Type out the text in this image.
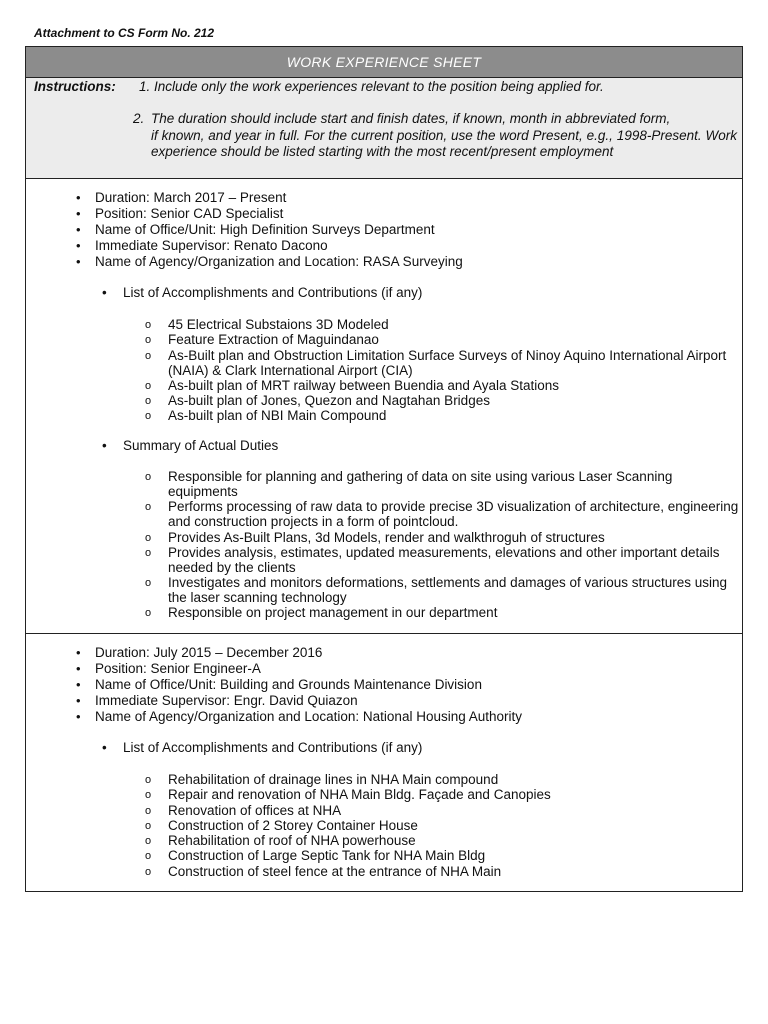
Attachment to CS Form No. 212
WORK EXPERIENCE SHEET
Instructions: 1. Include only the work experiences relevant to the position being applied for.
2. The duration should include start and finish dates, if known, month in abbreviated form,
if known, and year in full. For the current position, use the word Present, e.g., 1998-Present. Work experience should be listed starting with the most recent/present employment
• Duration: March 2017 – Present
• Position: Senior CAD Specialist
• Name of Office/Unit: High Definition Surveys Department
• Immediate Supervisor: Renato Dacono
• Name of Agency/Organization and Location: RASA Surveying
• List of Accomplishments and Contributions (if any)
o 45 Electrical Substaions 3D Modeled
o Feature Extraction of Maguindanao
o As-Built plan and Obstruction Limitation Surface Surveys of Ninoy Aquino International Airport (NAIA) & Clark International Airport (CIA)
o As-built plan of MRT railway between Buendia and Ayala Stations
o As-built plan of Jones, Quezon and Nagtahan Bridges
o As-built plan of NBI Main Compound
• Summary of Actual Duties
o Responsible for planning and gathering of data on site using various Laser Scanning equipments
o Performs processing of raw data to provide precise 3D visualization of architecture, engineering and construction projects in a form of pointcloud.
o Provides As-Built Plans, 3d Models, render and walkthroguh of structures
o Provides analysis, estimates, updated measurements, elevations and other important details needed by the clients
o Investigates and monitors deformations, settlements and damages of various structures using the laser scanning technology
o Responsible on project management in our department
• Duration: July 2015 – December 2016
• Position: Senior Engineer-A
• Name of Office/Unit: Building and Grounds Maintenance Division
• Immediate Supervisor: Engr. David Quiazon
• Name of Agency/Organization and Location: National Housing Authority
• List of Accomplishments and Contributions (if any)
o Rehabilitation of drainage lines in NHA Main compound
o Repair and renovation of NHA Main Bldg. Façade and Canopies
o Renovation of offices at NHA
o Construction of 2 Storey Container House
o Rehabilitation of roof of NHA powerhouse
o Construction of Large Septic Tank for NHA Main Bldg
o Construction of steel fence at the entrance of NHA Main
